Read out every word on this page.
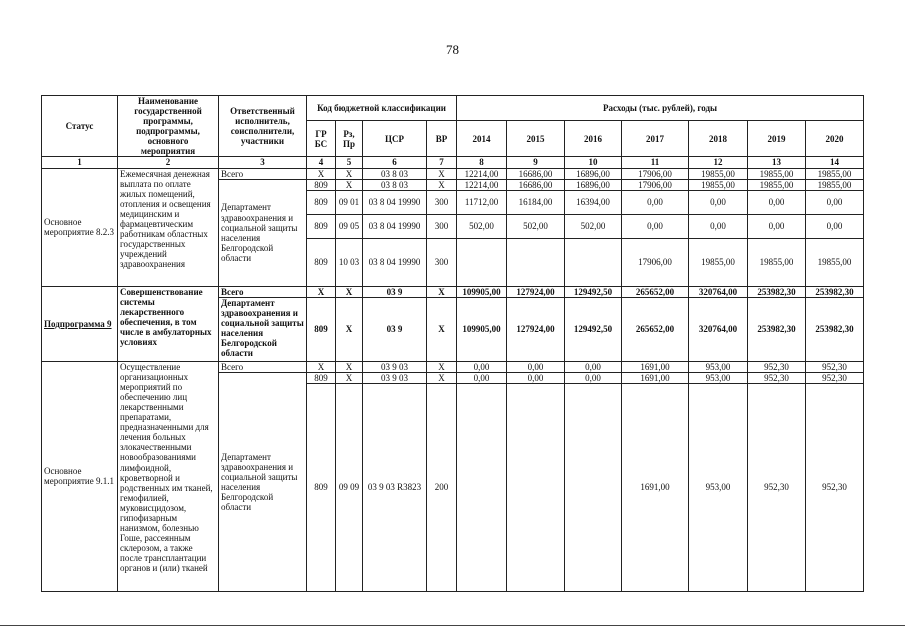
78
Статус	Наименование государственной программы, подпрограммы, основного мероприятия	Ответственный исполнитель, соисполнители, участники	Код бюджетной классификации				Расходы (тыс. рублей), годы						
			ГР БС	Рз, Пр	ЦСР	ВР	2014	2015	2016	2017	2018	2019	2020
1	2	3	4	5	6	7	8	9	10	11	12	13	14
Основное мероприятие 8.2.3	Ежемесячная денежная выплата по оплате жилых помещений, отопления и освещения медицинским и фармацевтическим работникам областных государственных учреждений здравоохранения	Всего	X	X	03 8 03	X	12214,00	16686,00	16896,00	17906,00	19855,00	19855,00	19855,00
		Департамент здравоохранения и социальной защиты населения Белгородской области	809	X	03 8 03	X	12214,00	16686,00	16896,00	17906,00	19855,00	19855,00	19855,00
			809	09 01	03 8 04 19990	300	11712,00	16184,00	16394,00	0,00	0,00	0,00	0,00
			809	09 05	03 8 04 19990	300	502,00	502,00	502,00	0,00	0,00	0,00	0,00
			809	10 03	03 8 04 19990	300				17906,00	19855,00	19855,00	19855,00
Подпрограмма 9	Совершенствование системы лекарственного обеспечения, в том числе в амбулаторных условиях	Всего	X	X	03 9	X	109905,00	127924,00	129492,50	265652,00	320764,00	253982,30	253982,30
		Департамент здравоохранения и социальной защиты населения Белгородской области	809	X	03 9	X	109905,00	127924,00	129492,50	265652,00	320764,00	253982,30	253982,30
Основное мероприятие 9.1.1	Осуществление организационных мероприятий по обеспечению лиц лекарственными препаратами, предназначенными для лечения больных злокачественными новообразованиями лимфоидной, кроветворной и родственных им тканей, гемофилией, муковисцидозом, гипофизарным нанизмом, болезнью Гоше, рассеянным склерозом, а также после трансплантации органов и (или) тканей	Всего	X	X	03 9 03	X	0,00	0,00	0,00	1691,00	953,00	952,30	952,30
		Департамент здравоохранения и социальной защиты населения Белгородской области	809	X	03 9 03	X	0,00	0,00	0,00	1691,00	953,00	952,30	952,30
			809	09 09	03 9 03 R3823	200				1691,00	953,00	952,30	952,30
